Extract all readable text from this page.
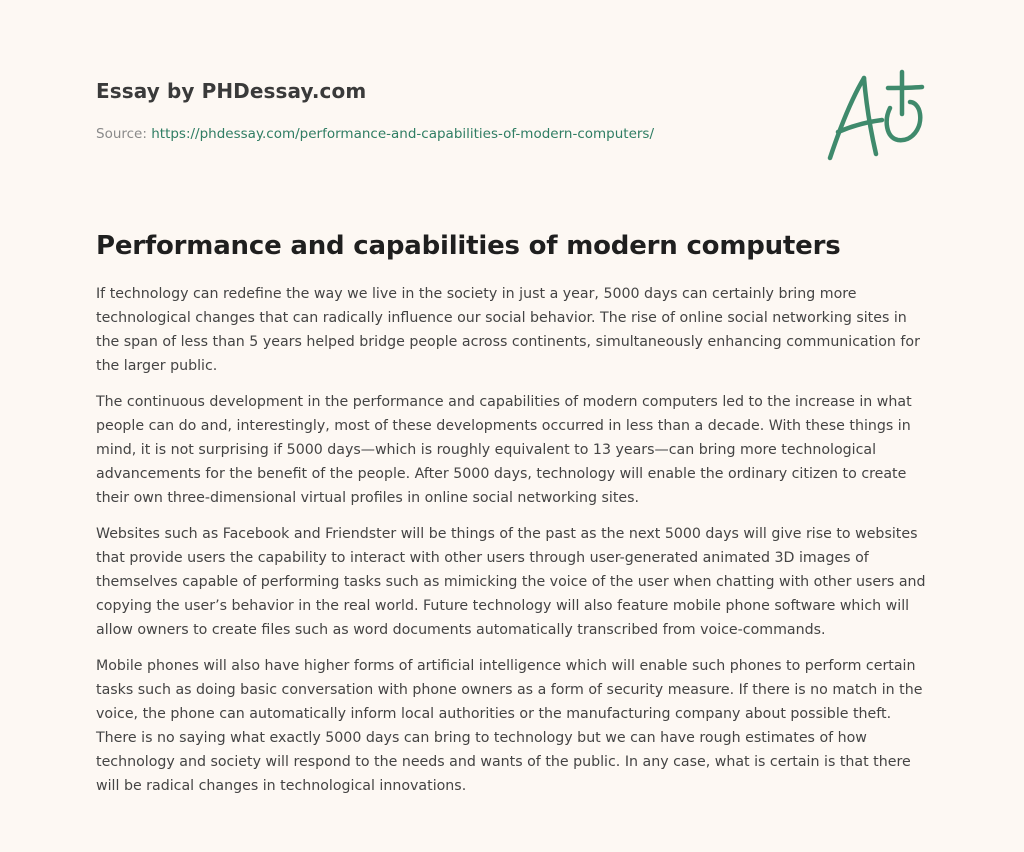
Essay by PHDessay.com
Source: https://phdessay.com/performance-and-capabilities-of-modern-computers/
Performance and capabilities of modern computers

If technology can redefine the way we live in the society in just a year, 5000 days can certainly bring more technological changes that can radically influence our social behavior. The rise of online social networking sites in the span of less than 5 years helped bridge people across continents, simultaneously enhancing communication for the larger public.

The continuous development in the performance and capabilities of modern computers led to the increase in what people can do and, interestingly, most of these developments occurred in less than a decade. With these things in mind, it is not surprising if 5000 days—which is roughly equivalent to 13 years—can bring more technological advancements for the benefit of the people. After 5000 days, technology will enable the ordinary citizen to create their own three-dimensional virtual profiles in online social networking sites.

Websites such as Facebook and Friendster will be things of the past as the next 5000 days will give rise to websites that provide users the capability to interact with other users through user-generated animated 3D images of themselves capable of performing tasks such as mimicking the voice of the user when chatting with other users and copying the user’s behavior in the real world. Future technology will also feature mobile phone software which will allow owners to create files such as word documents automatically transcribed from voice-commands.

Mobile phones will also have higher forms of artificial intelligence which will enable such phones to perform certain tasks such as doing basic conversation with phone owners as a form of security measure. If there is no match in the voice, the phone can automatically inform local authorities or the manufacturing company about possible theft. There is no saying what exactly 5000 days can bring to technology but we can have rough estimates of how technology and society will respond to the needs and wants of the public. In any case, what is certain is that there will be radical changes in technological innovations.
